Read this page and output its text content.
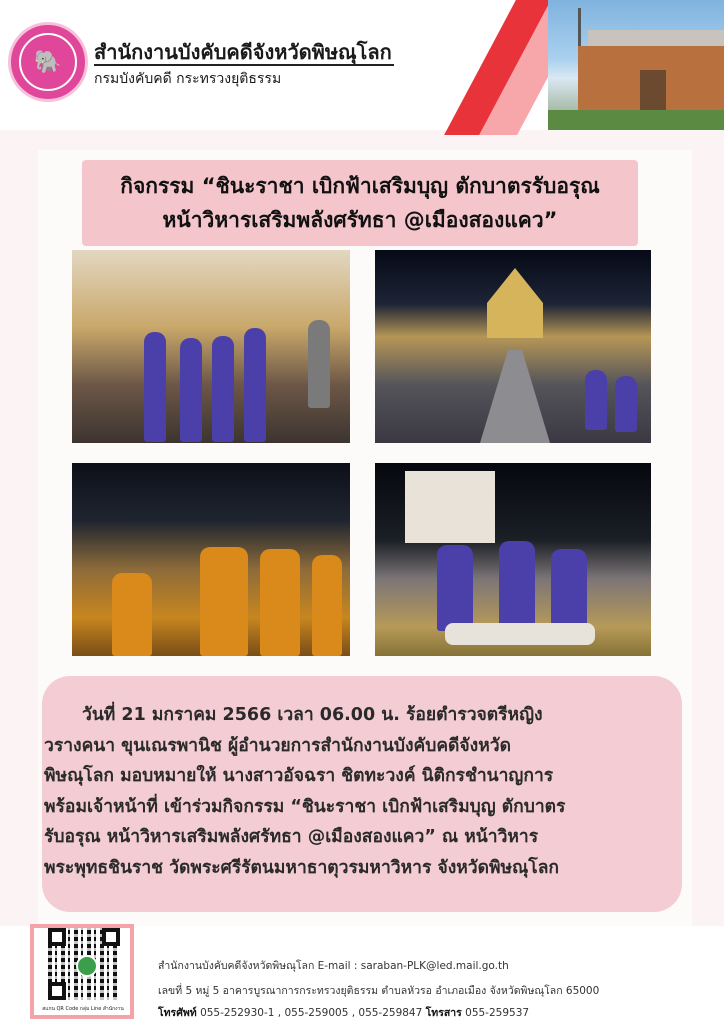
🐘	สำนักงานบังคับคดีจังหวัดพิษณุโลก
กรมบังคับคดี กระทรวงยุติธรรม
กิจกรรม “ชินะราชา เบิกฟ้าเสริมบุญ ตักบาตรรับอรุณ
หน้าวิหารเสริมพลังศรัทธา @เมืองสองแคว”

วันที่ 21 มกราคม 2566 เวลา 06.00 น. ร้อยตำรวจตรีหญิง
วรางคนา ขุนเณรพานิช ผู้อำนวยการสำนักงานบังคับคดีจังหวัด
พิษณุโลก มอบหมายให้ นางสาวอัจฉรา ชิตทะวงค์ นิติกรชำนาญการ
พร้อมเจ้าหน้าที่ เข้าร่วมกิจกรรม “ชินะราชา เบิกฟ้าเสริมบุญ ตักบาตร
รับอรุณ หน้าวิหารเสริมพลังศรัทธา @เมืองสองแคว” ณ หน้าวิหาร
พระพุทธชินราช วัดพระศรีรัตนมหาธาตุวรมหาวิหาร จังหวัดพิษณุโลก

สแกน QR Code กลุ่ม Line สำนักงาน
สำนักงานบังคับคดีจังหวัดพิษณุโลก E-mail : saraban-PLK@led.mail.go.th
เลขที่ 5 หมู่ 5 อาคารบูรณาการกระทรวงยุติธรรม ตำบลหัวรอ อำเภอเมือง จังหวัดพิษณุโลก 65000
โทรศัพท์ 055-252930-1 , 055-259005 , 055-259847 โทรสาร 055-259537
